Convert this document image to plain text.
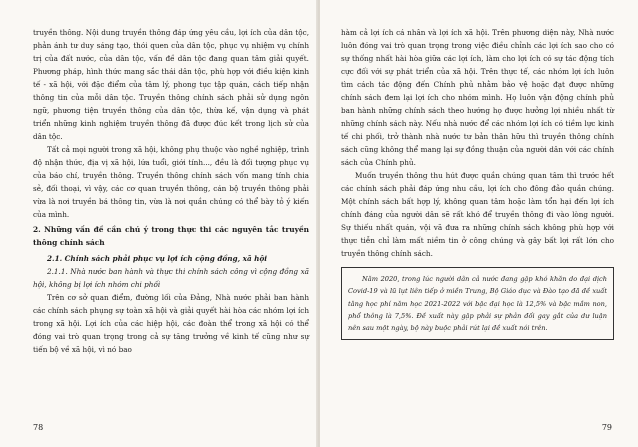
truyền thông. Nội dung truyền thông đáp ứng yêu cầu, lợi ích của dân tộc, phản ánh tư duy sáng tạo, thói quen của dân tộc, phục vụ nhiệm vụ chính trị của đất nước, của dân tộc, vấn đề dân tộc đang quan tâm giải quyết. Phương pháp, hình thức mang sắc thái dân tộc, phù hợp với điều kiện kinh tế - xã hội, với đặc điểm của tâm lý, phong tục tập quán, cách tiếp nhận thông tin của mỗi dân tộc. Truyền thông chính sách phải sử dụng ngôn ngữ, phương tiện truyền thông của dân tộc, thừa kế, vận dụng và phát triển những kinh nghiệm truyền thông đã được đúc kết trong lịch sử của dân tộc.

Tất cả mọi người trong xã hội, không phụ thuộc vào nghề nghiệp, trình độ nhận thức, địa vị xã hội, lứa tuổi, giới tính..., đều là đối tượng phục vụ của báo chí, truyền thông. Truyền thông chính sách vốn mang tính chia sẻ, đối thoại, vì vậy, các cơ quan truyền thông, cán bộ truyền thông phải vừa là nơi truyền bá thông tin, vừa là nơi quần chúng có thể bày tỏ ý kiến của mình.

2. Những vấn đề cần chú ý trong thực thi các nguyên tắc truyền thông chính sách

2.1. Chính sách phải phục vụ lợi ích cộng đồng, xã hội

2.1.1. Nhà nước ban hành và thực thi chính sách công vì cộng đồng xã hội, không bị lợi ích nhóm chi phối

Trên cơ sở quan điểm, đường lối của Đảng, Nhà nước phải ban hành các chính sách phụng sự toàn xã hội và giải quyết hài hòa các nhóm lợi ích trong xã hội. Lợi ích của các hiệp hội, các đoàn thể trong xã hội có thể đóng vai trò quan trọng trong cả sự tăng trưởng về kinh tế cũng như sự tiến bộ về xã hội, vì nó bao

78

hàm cả lợi ích cá nhân và lợi ích xã hội. Trên phương diện này, Nhà nước luôn đóng vai trò quan trọng trong việc điều chỉnh các lợi ích sao cho có sự thống nhất hài hòa giữa các lợi ích, làm cho lợi ích có sự tác động tích cực đối với sự phát triển của xã hội. Trên thực tế, các nhóm lợi ích luôn tìm cách tác động đến Chính phủ nhằm bảo vệ hoặc đạt được những chính sách đem lại lợi ích cho nhóm mình. Họ luôn vận động chính phủ ban hành những chính sách theo hướng họ được hưởng lợi nhiều nhất từ những chính sách này. Nếu nhà nước để các nhóm lợi ích có tiềm lực kinh tế chi phối, trở thành nhà nước tư bản thân hữu thì truyền thông chính sách cũng không thể mang lại sự đồng thuận của người dân với các chính sách của Chính phủ.

Muốn truyền thông thu hút được quần chúng quan tâm thì trước hết các chính sách phải đáp ứng nhu cầu, lợi ích cho đông đảo quần chúng. Một chính sách bất hợp lý, không quan tâm hoặc làm tổn hại đến lợi ích chính đáng của người dân sẽ rất khó để truyền thông đi vào lòng người. Sự thiếu nhất quán, vội vã đưa ra những chính sách không phù hợp với thực tiễn chỉ làm mất niềm tin ở công chúng và gây bất lợi rất lớn cho truyền thông chính sách.

Năm 2020, trong lúc người dân cả nước đang gặp khó khăn do đại dịch Covid-19 và lũ lụt liên tiếp ở miền Trung, Bộ Giáo dục và Đào tạo đã đề xuất tăng học phí năm học 2021-2022 với bậc đại học là 12,5% và bậc mầm non, phổ thông là 7,5%. Đề xuất này gặp phải sự phản đối gay gắt của dư luận nên sau một ngày, bộ này buộc phải rút lại đề xuất nói trên.

79
